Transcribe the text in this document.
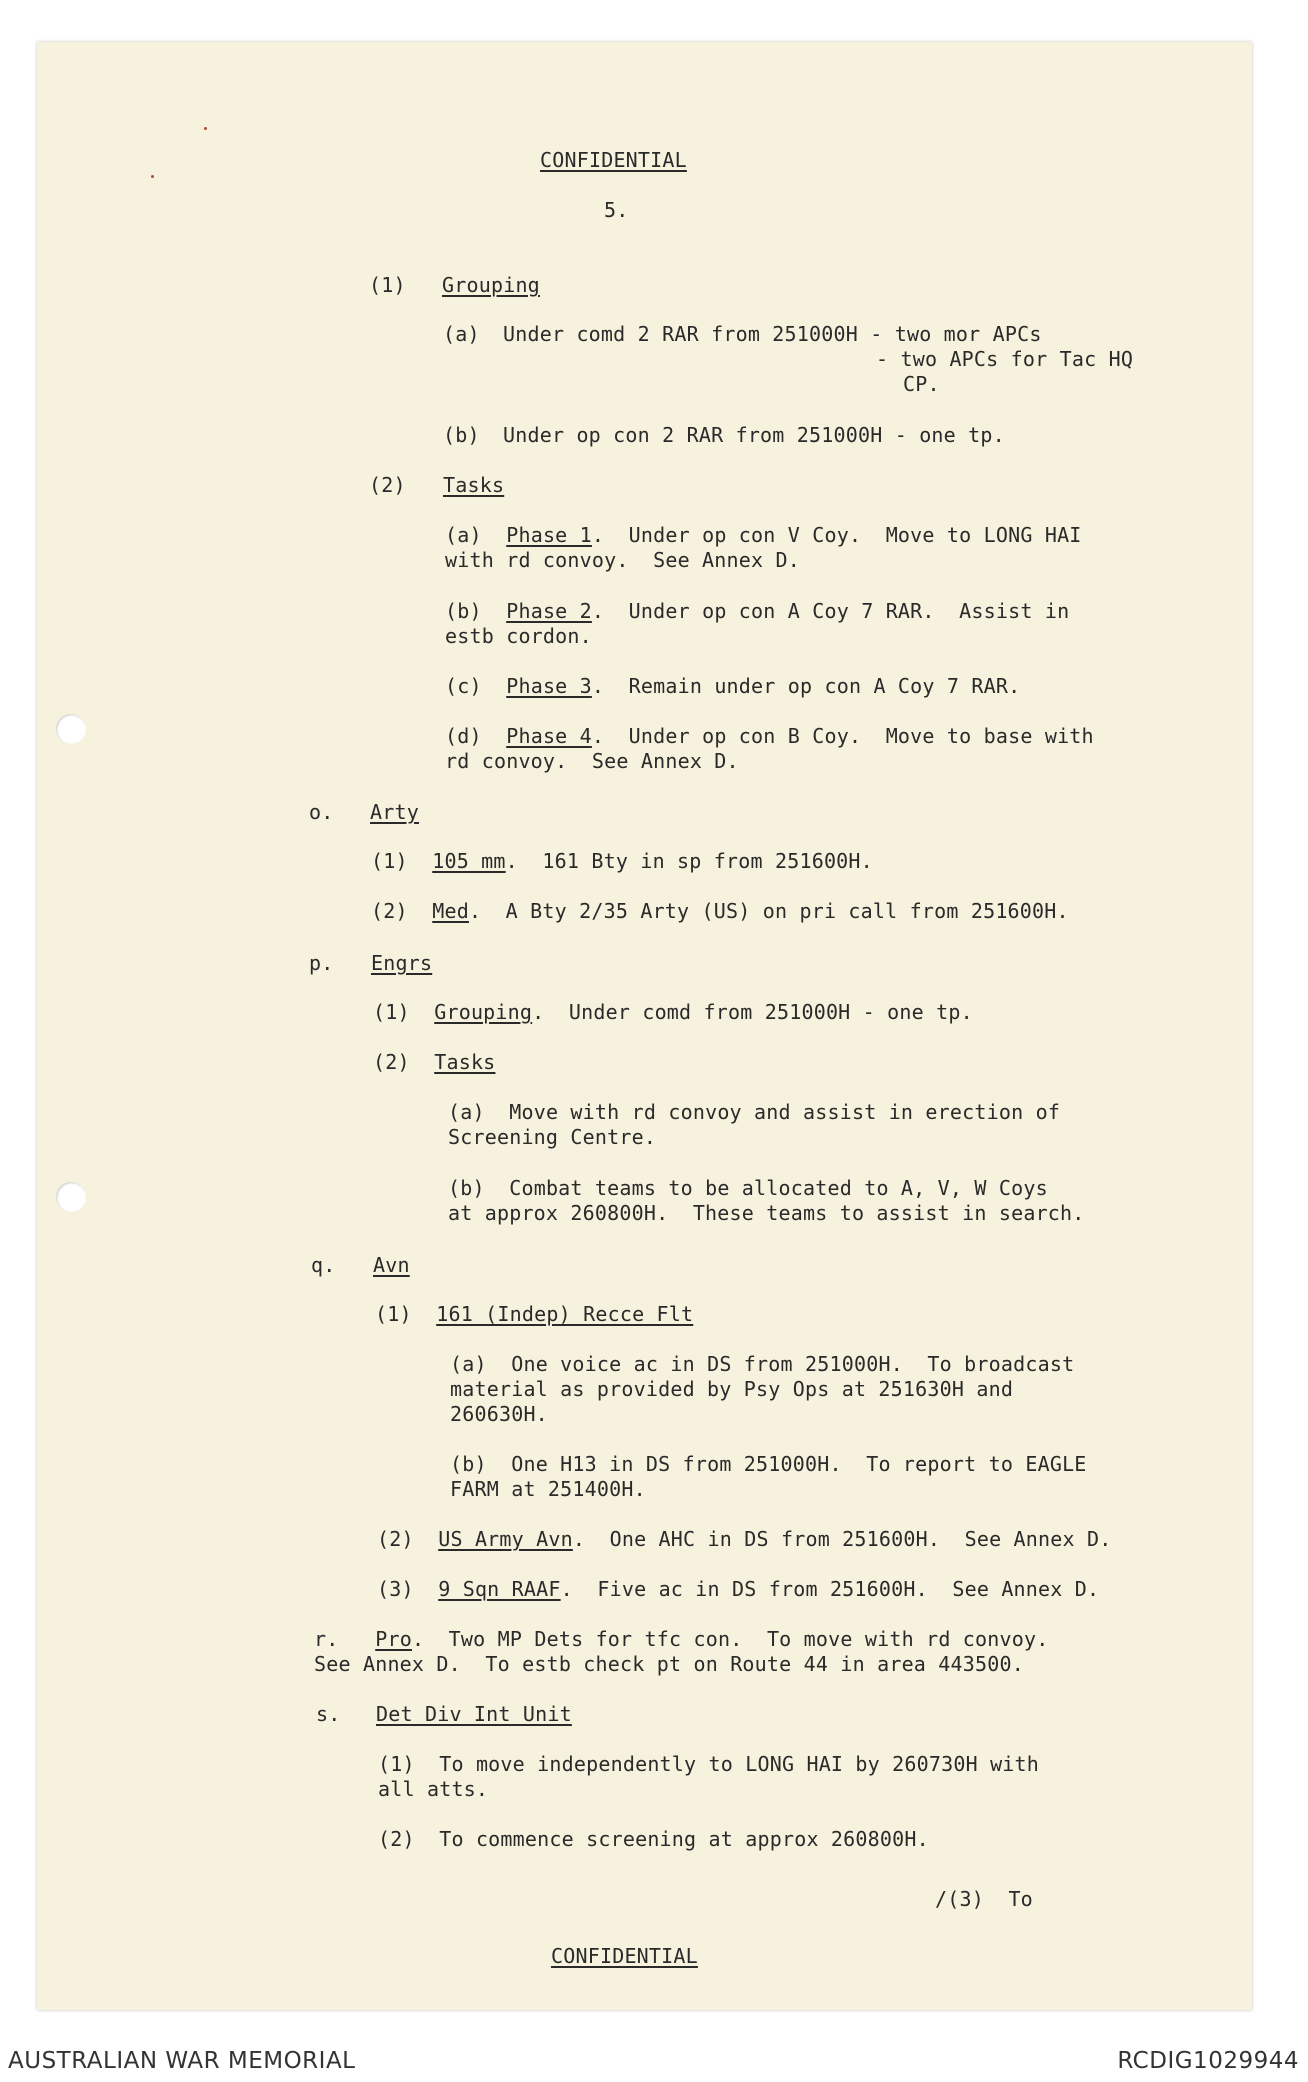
CONFIDENTIAL
5.
(1) Grouping
(a) Under comd 2 RAR from 251000H - two mor APCs
- two APCs for Tac HQ
CP.
(b) Under op con 2 RAR from 251000H - one tp.
(2) Tasks
(a) Phase 1.  Under op con V Coy.  Move to LONG HAI
with rd convoy.  See Annex D.
(b) Phase 2.  Under op con A Coy 7 RAR.  Assist in
estb cordon.
(c) Phase 3.  Remain under op con A Coy 7 RAR.
(d) Phase 4.  Under op con B Coy.  Move to base with
rd convoy.  See Annex D.
o. Arty
(1) 105 mm.  161 Bty in sp from 251600H.
(2) Med.  A Bty 2/35 Arty (US) on pri call from 251600H.
p. Engrs
(1) Grouping.  Under comd from 251000H - one tp.
(2) Tasks
(a) Move with rd convoy and assist in erection of
Screening Centre.
(b) Combat teams to be allocated to A, V, W Coys
at approx 260800H.  These teams to assist in search.
q. Avn
(1) 161 (Indep) Recce Flt
(a) One voice ac in DS from 251000H.  To broadcast
material as provided by Psy Ops at 251630H and
260630H.
(b) One H13 in DS from 251000H.  To report to EAGLE
FARM at 251400H.
(2) US Army Avn.  One AHC in DS from 251600H.  See Annex D.
(3) 9 Sqn RAAF.  Five ac in DS from 251600H.  See Annex D.
r. Pro.  Two MP Dets for tfc con.  To move with rd convoy.
See Annex D.  To estb check pt on Route 44 in area 443500.
s. Det Div Int Unit
(1) To move independently to LONG HAI by 260730H with
all atts.
(2) To commence screening at approx 260800H.
/(3)  To
CONFIDENTIAL
AUSTRALIAN WAR MEMORIAL	RCDIG1029944
